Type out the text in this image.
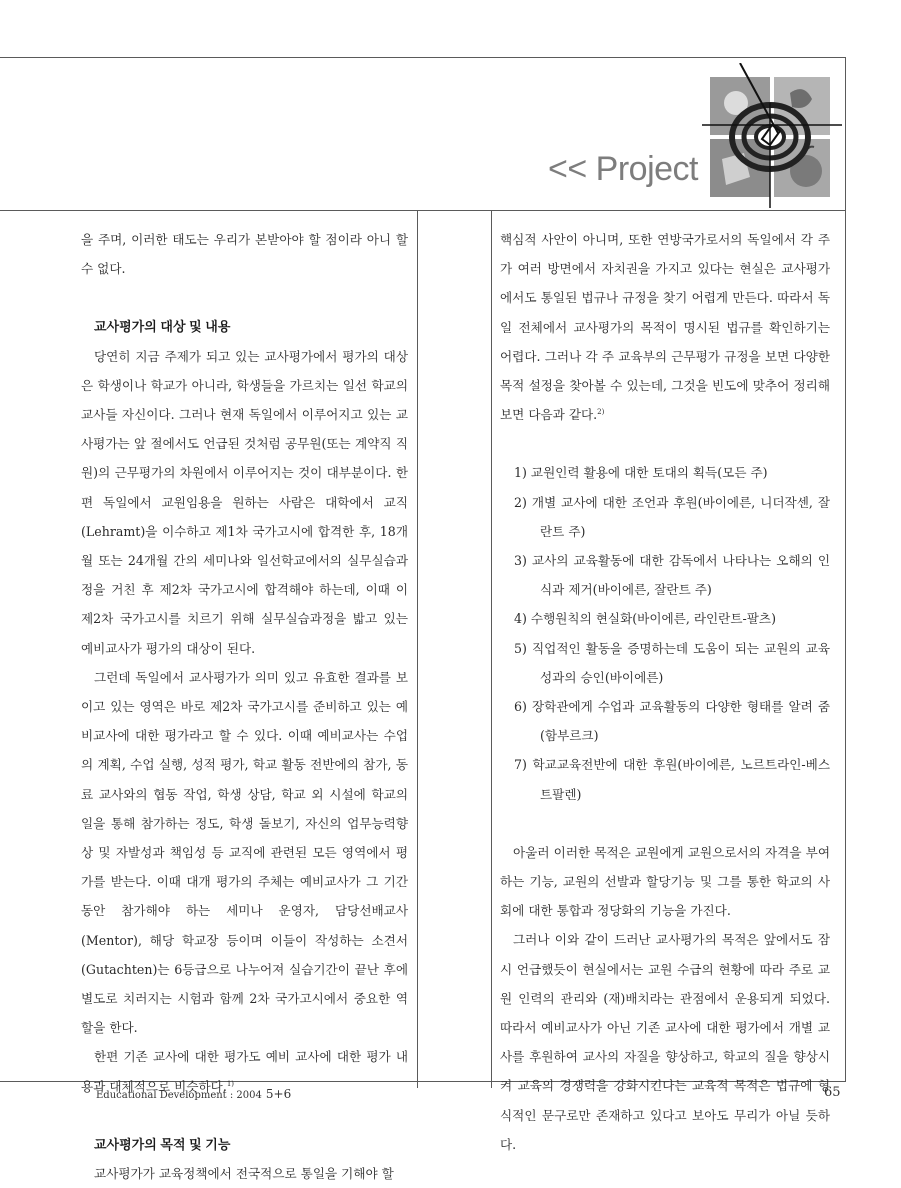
<< Project

을 주며, 이러한 태도는 우리가 본받아야 할 점이라 아니 할 수 없다.

교사평가의 대상 및 내용

당연히 지금 주제가 되고 있는 교사평가에서 평가의 대상은 학생이나 학교가 아니라, 학생들을 가르치는 일선 학교의 교사들 자신이다. 그러나 현재 독일에서 이루어지고 있는 교사평가는 앞 절에서도 언급된 것처럼 공무원(또는 계약직 직원)의 근무평가의 차원에서 이루어지는 것이 대부분이다. 한편 독일에서 교원임용을 원하는 사람은 대학에서 교직(Lehramt)을 이수하고 제1차 국가고시에 합격한 후, 18개월 또는 24개월 간의 세미나와 일선학교에서의 실무실습과정을 거친 후 제2차 국가고시에 합격해야 하는데, 이때 이 제2차 국가고시를 치르기 위해 실무실습과정을 밟고 있는 예비교사가 평가의 대상이 된다.

그런데 독일에서 교사평가가 의미 있고 유효한 결과를 보이고 있는 영역은 바로 제2차 국가고시를 준비하고 있는 예비교사에 대한 평가라고 할 수 있다. 이때 예비교사는 수업의 계획, 수업 실행, 성적 평가, 학교 활동 전반에의 참가, 동료 교사와의 협동 작업, 학생 상담, 학교 외 시설에 학교의 일을 통해 참가하는 정도, 학생 돌보기, 자신의 업무능력향상 및 자발성과 책임성 등 교직에 관련된 모든 영역에서 평가를 받는다. 이때 대개 평가의 주체는 예비교사가 그 기간 동안 참가해야 하는 세미나 운영자, 담당선배교사(Mentor), 해당 학교장 등이며 이들이 작성하는 소견서(Gutachten)는 6등급으로 나누어져 실습기간이 끝난 후에 별도로 치러지는 시험과 함께 2차 국가고시에서 중요한 역할을 한다.

한편 기존 교사에 대한 평가도 예비 교사에 대한 평가 내용과 대체적으로 비슷하다.$^{1)}$

교사평가의 목적 및 기능

교사평가가 교육정책에서 전국적으로 통일을 기해야 할

핵심적 사안이 아니며, 또한 연방국가로서의 독일에서 각 주가 여러 방면에서 자치권을 가지고 있다는 현실은 교사평가에서도 통일된 법규나 규정을 찾기 어렵게 만든다. 따라서 독일 전체에서 교사평가의 목적이 명시된 법규를 확인하기는 어렵다. 그러나 각 주 교육부의 근무평가 규정을 보면 다양한 목적 설정을 찾아볼 수 있는데, 그것을 빈도에 맞추어 정리해 보면 다음과 같다.$^{2)}$

1) 교원인력 활용에 대한 토대의 획득(모든 주)
2) 개별 교사에 대한 조언과 후원(바이에른, 니더작센, 잘란트 주)
3) 교사의 교육활동에 대한 감독에서 나타나는 오해의 인식과 제거(바이에른, 잘란트 주)
4) 수행원칙의 현실화(바이에른, 라인란트-팔츠)
5) 직업적인 활동을 증명하는데 도움이 되는 교원의 교육성과의 승인(바이에른)
6) 장학관에게 수업과 교육활동의 다양한 형태를 알려 줌(함부르크)
7) 학교교육전반에 대한 후원(바이에른, 노르트라인-베스트팔렌)

아울러 이러한 목적은 교원에게 교원으로서의 자격을 부여하는 기능, 교원의 선발과 할당기능 및 그를 통한 학교의 사회에 대한 통합과 정당화의 기능을 가진다.

그러나 이와 같이 드러난 교사평가의 목적은 앞에서도 잠시 언급했듯이 현실에서는 교원 수급의 현황에 따라 주로 교원 인력의 관리와 (재)배치라는 관점에서 운용되게 되었다. 따라서 예비교사가 아닌 기존 교사에 대한 평가에서 개별 교사를 후원하여 교사의 자질을 향상하고, 학교의 질을 향상시켜 교육의 경쟁력을 강화시킨다는 교육적 목적은 법규에 형식적인 문구로만 존재하고 있다고 보아도 무리가 아닐 듯하다.

Educational Development : 2004 5+6	65
